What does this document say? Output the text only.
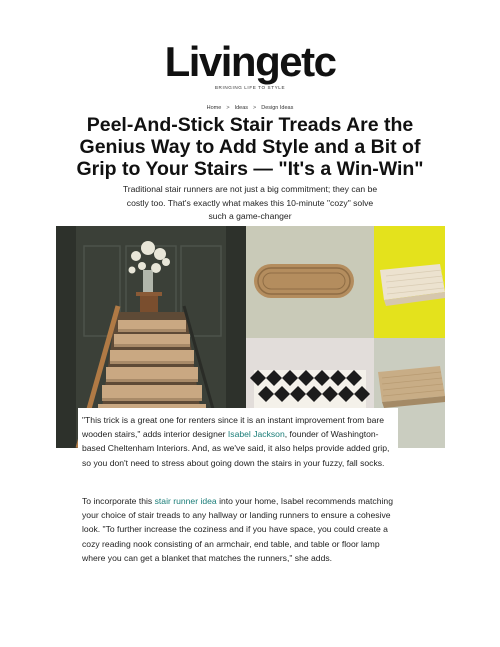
Livingetc
BRINGING LIFE TO STYLE
Home > Ideas > Design Ideas
Peel-And-Stick Stair Treads Are the Genius Way to Add Style and a Bit of Grip to Your Stairs — "It's a Win-Win"

Traditional stair runners are not just a big commitment; they can be costly too. That's exactly what makes this 10-minute "cozy" solve such a game-changer

"This trick is a great one for renters since it is an instant improvement from bare wooden stairs," adds interior designer Isabel Jackson, founder of Washington-based Cheltenham Interiors. And, as we've said, it also helps provide added grip, so you don't need to stress about going down the stairs in your fuzzy, fall socks.

To incorporate this stair runner idea into your home, Isabel recommends matching your choice of stair treads to any hallway or landing runners to ensure a cohesive look. "To further increase the coziness and if you have space, you could create a cozy reading nook consisting of an armchair, end table, and table or floor lamp where you can get a blanket that matches the runners," she adds.
